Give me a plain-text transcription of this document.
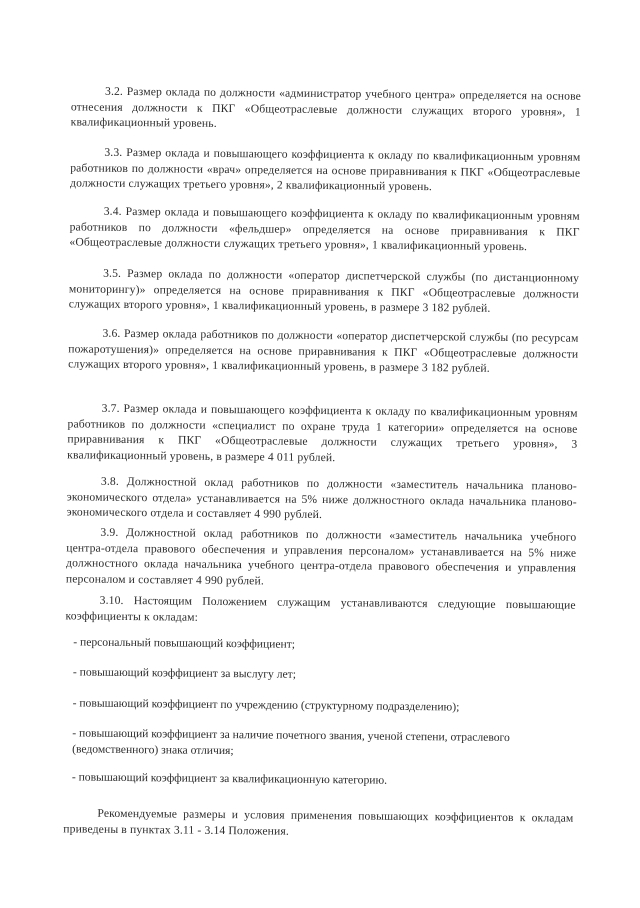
3.2. Размер оклада по должности «администратор учебного центра» определяется на основе отнесения должности к ПКГ «Общеотраслевые должности служащих второго уровня», 1 квалификационный уровень.

3.3. Размер оклада и повышающего коэффициента к окладу по квалификационным уровням работников по должности «врач» определяется на основе приравнивания к ПКГ «Общеотраслевые должности служащих третьего уровня», 2 квалификационный уровень.

3.4. Размер оклада и повышающего коэффициента к окладу по квалификационным уровням работников по должности «фельдшер» определяется на основе приравнивания к ПКГ «Общеотраслевые должности служащих третьего уровня», 1 квалификационный уровень.

3.5. Размер оклада по должности «оператор диспетчерской службы (по дистанционному мониторингу)» определяется на основе приравнивания к ПКГ «Общеотраслевые должности служащих второго уровня», 1 квалификационный уровень, в размере 3 182 рублей.

3.6. Размер оклада работников по должности «оператор диспетчерской службы (по ресурсам пожаротушения)» определяется на основе приравнивания к ПКГ «Общеотраслевые должности служащих второго уровня», 1 квалификационный уровень, в размере 3 182 рублей.

3.7. Размер оклада и повышающего коэффициента к окладу по квалификационным уровням работников по должности «специалист по охране труда 1 категории» определяется на основе приравнивания к ПКГ «Общеотраслевые должности служащих третьего уровня», 3 квалификационный уровень, в размере 4 011 рублей.

3.8. Должностной оклад работников по должности «заместитель начальника планово-экономического отдела» устанавливается на 5% ниже должностного оклада начальника планово-экономического отдела и составляет 4 990 рублей.

3.9. Должностной оклад работников по должности «заместитель начальника учебного центра-отдела правового обеспечения и управления персоналом» устанавливается на 5% ниже должностного оклада начальника учебного центра-отдела правового обеспечения и управления персоналом и составляет 4 990 рублей.

3.10. Настоящим Положением служащим устанавливаются следующие повышающие коэффициенты к окладам:

- персональный повышающий коэффициент;

- повышающий коэффициент за выслугу лет;

- повышающий коэффициент по учреждению (структурному подразделению);

- повышающий коэффициент за наличие почетного звания, ученой степени, отраслевого (ведомственного) знака отличия;

- повышающий коэффициент за квалификационную категорию.

Рекомендуемые размеры и условия применения повышающих коэффициентов к окладам приведены в пунктах 3.11 - 3.14 Положения.
